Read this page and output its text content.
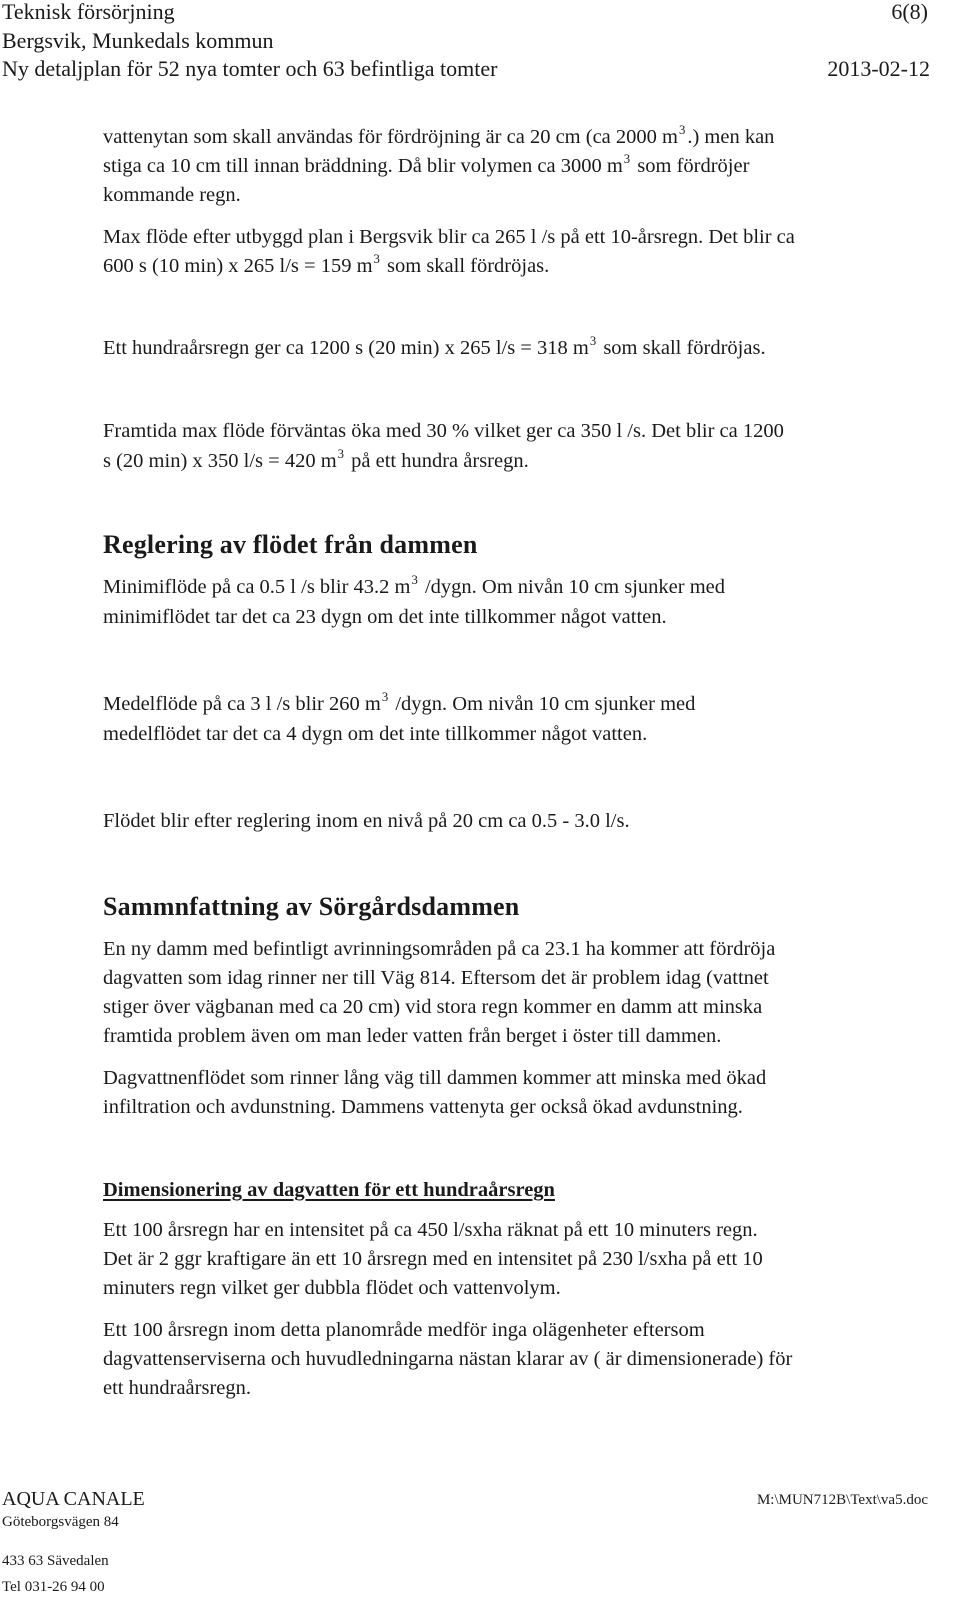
Teknisk försörjning	6(8)
Bergsvik, Munkedals kommun
Ny detaljplan för 52 nya tomter och 63 befintliga tomter	2013-02-12
vattenytan som skall användas för fördröjning är ca 20 cm (ca 2000 $m^3$.) men kan
stiga ca 10 cm till innan bräddning. Då blir volymen ca 3000 $m^3$ som fördröjer
kommande regn.
Max flöde efter utbyggd plan i Bergsvik blir ca 265 l /s på ett 10-årsregn. Det blir ca
600 s (10 min) x 265 l/s = 159 $m^3$ som skall fördröjas.
Ett hundraårsregn ger ca 1200 s (20 min) x 265 l/s = 318 $m^3$ som skall fördröjas.
Framtida max flöde förväntas öka med 30 % vilket ger ca 350 l /s. Det blir ca 1200
s (20 min) x 350 l/s = 420 $m^3$ på ett hundra årsregn.
Reglering av flödet från dammen
Minimiflöde på ca 0.5 l /s blir 43.2 $m^3$ /dygn. Om nivån 10 cm sjunker med
minimiflödet tar det ca 23 dygn om det inte tillkommer något vatten.
Medelflöde på ca 3 l /s blir 260 $m^3$ /dygn. Om nivån 10 cm sjunker med
medelflödet tar det ca 4 dygn om det inte tillkommer något vatten.
Flödet blir efter reglering inom en nivå på 20 cm ca 0.5 - 3.0 l/s.
Sammnfattning av Sörgårdsdammen
En ny damm med befintligt avrinningsområden på ca 23.1 ha kommer att fördröja
dagvatten som idag rinner ner till Väg 814. Eftersom det är problem idag (vattnet
stiger över vägbanan med ca 20 cm) vid stora regn kommer en damm att minska
framtida problem även om man leder vatten från berget i öster till dammen.
Dagvattnenflödet som rinner lång väg till dammen kommer att minska med ökad
infiltration och avdunstning. Dammens vattenyta ger också ökad avdunstning.
Dimensionering av dagvatten för ett hundraårsregn
Ett 100 årsregn har en intensitet på ca 450 l/sxha räknat på ett 10 minuters regn.
Det är 2 ggr kraftigare än ett 10 årsregn med en intensitet på 230 l/sxha på ett 10
minuters regn vilket ger dubbla flödet och vattenvolym.
Ett 100 årsregn inom detta planområde medför inga olägenheter eftersom
dagvattenserviserna och huvudledningarna nästan klarar av ( är dimensionerade) för
ett hundraårsregn.
AQUA CANALE	M:\MUN712B\Text\va5.doc
Göteborgsvägen 84
433 63 Sävedalen
Tel 031-26 94 00
